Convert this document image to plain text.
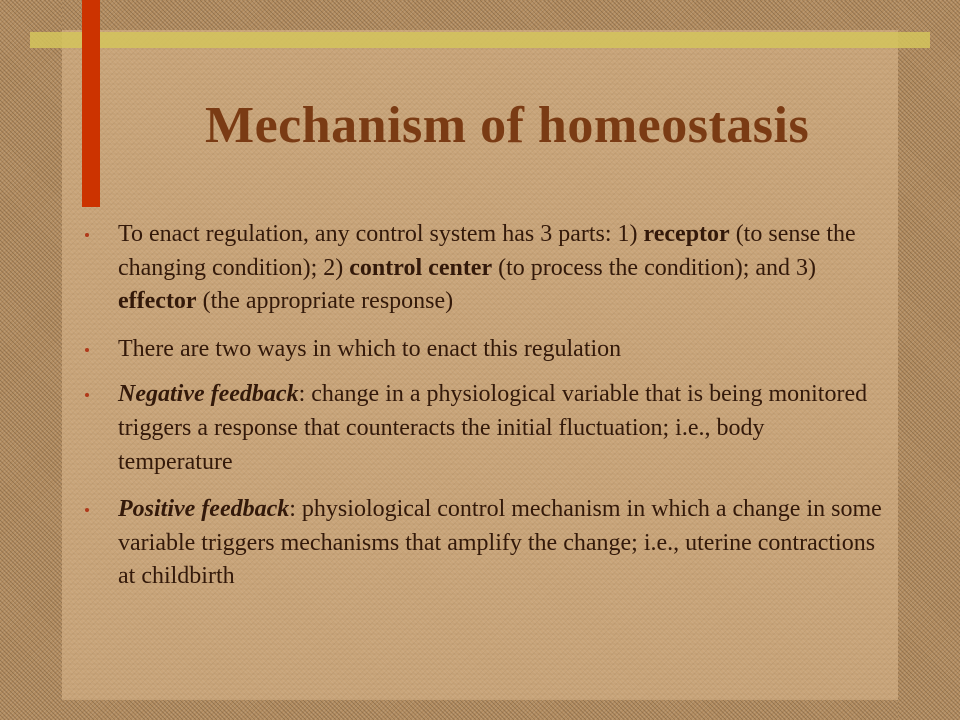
Mechanism of homeostasis
To enact regulation, any control system has 3 parts: 1) receptor (to sense the changing condition); 2) control center (to process the condition); and 3) effector (the appropriate response)
There are two ways in which to enact this regulation
Negative feedback: change in a physiological variable that is being monitored triggers a response that counteracts the initial fluctuation; i.e., body temperature
Positive feedback: physiological control mechanism in which a change in some variable triggers mechanisms that amplify the change; i.e., uterine contractions at childbirth
